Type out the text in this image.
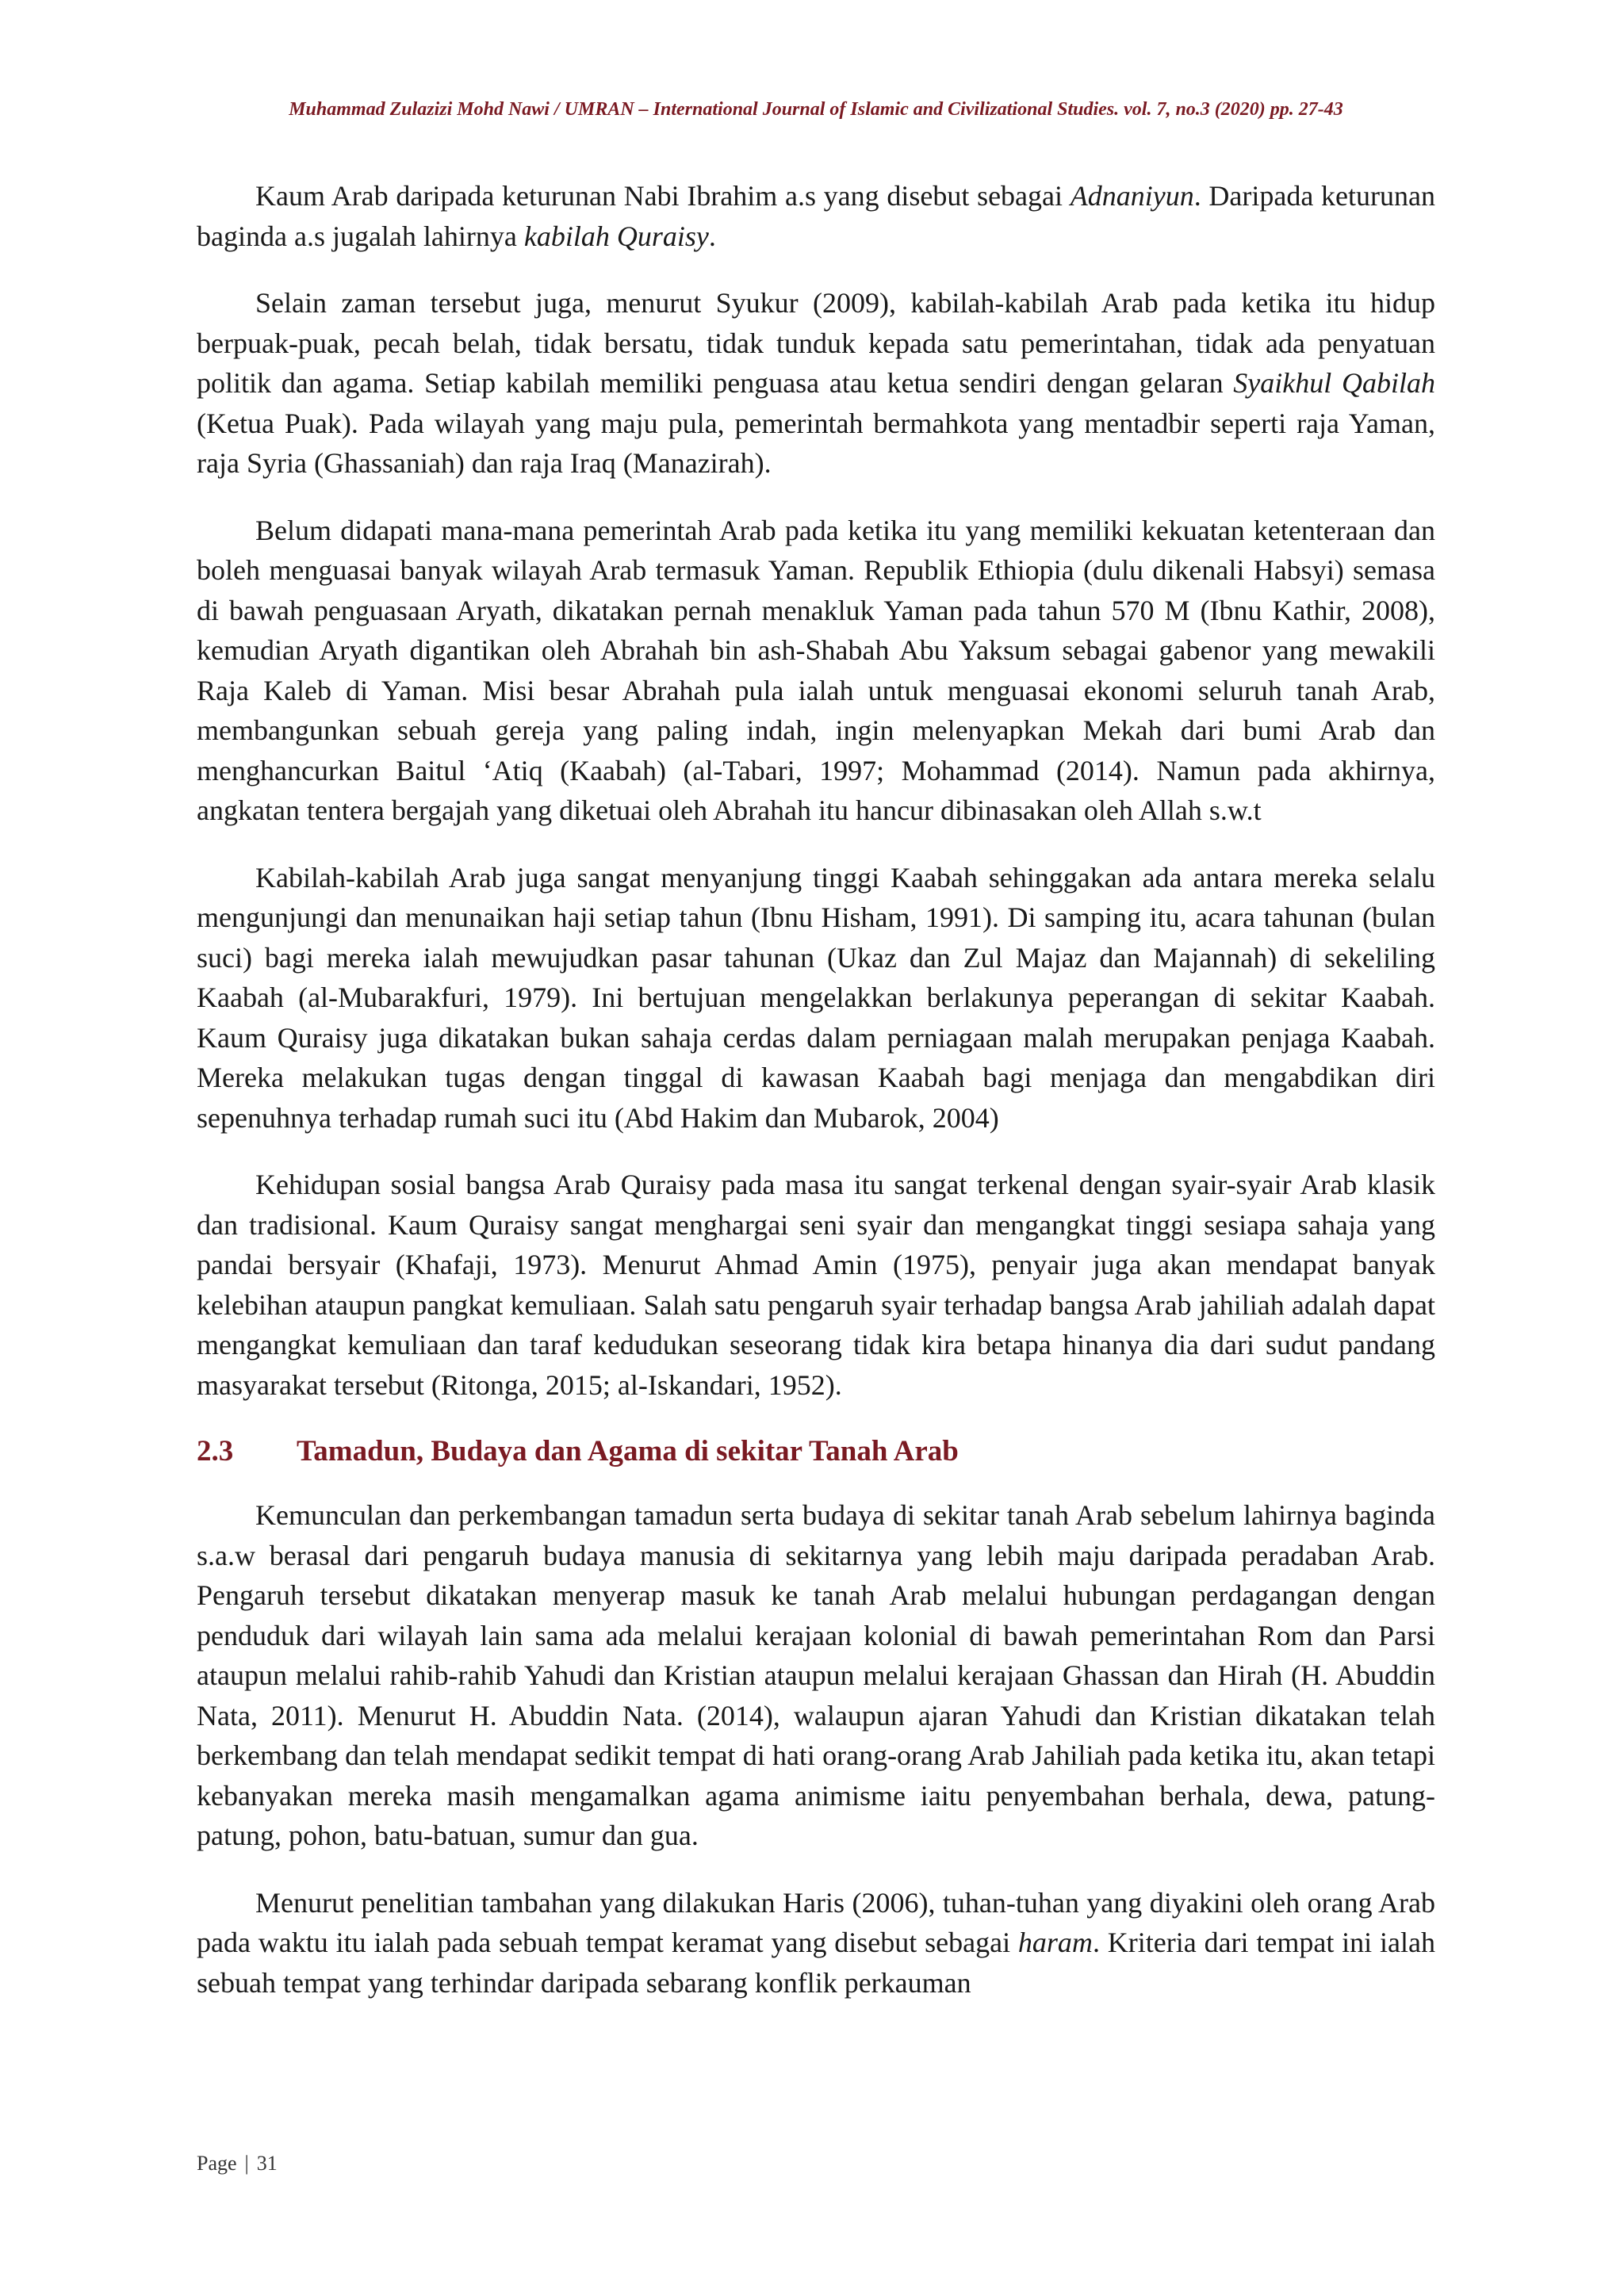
Muhammad Zulazizi Mohd Nawi / UMRAN – International Journal of Islamic and Civilizational Studies. vol. 7, no.3 (2020) pp. 27-43

Kaum Arab daripada keturunan Nabi Ibrahim a.s yang disebut sebagai Adnaniyun. Daripada keturunan baginda a.s jugalah lahirnya kabilah Quraisy.

Selain zaman tersebut juga, menurut Syukur (2009), kabilah-kabilah Arab pada ketika itu hidup berpuak-puak, pecah belah, tidak bersatu, tidak tunduk kepada satu pemerintahan, tidak ada penyatuan politik dan agama. Setiap kabilah memiliki penguasa atau ketua sendiri dengan gelaran Syaikhul Qabilah (Ketua Puak). Pada wilayah yang maju pula, pemerintah bermahkota yang mentadbir seperti raja Yaman, raja Syria (Ghassaniah) dan raja Iraq (Manazirah).

Belum didapati mana-mana pemerintah Arab pada ketika itu yang memiliki kekuatan ketenteraan dan boleh menguasai banyak wilayah Arab termasuk Yaman. Republik Ethiopia (dulu dikenali Habsyi) semasa di bawah penguasaan Aryath, dikatakan pernah menakluk Yaman pada tahun 570 M (Ibnu Kathir, 2008), kemudian Aryath digantikan oleh Abrahah bin ash-Shabah Abu Yaksum sebagai gabenor yang mewakili Raja Kaleb di Yaman. Misi besar Abrahah pula ialah untuk menguasai ekonomi seluruh tanah Arab, membangunkan sebuah gereja yang paling indah, ingin melenyapkan Mekah dari bumi Arab dan menghancurkan Baitul ‘Atiq (Kaabah) (al-Tabari, 1997; Mohammad (2014). Namun pada akhirnya, angkatan tentera bergajah yang diketuai oleh Abrahah itu hancur dibinasakan oleh Allah s.w.t

Kabilah-kabilah Arab juga sangat menyanjung tinggi Kaabah sehinggakan ada antara mereka selalu mengunjungi dan menunaikan haji setiap tahun (Ibnu Hisham, 1991). Di samping itu, acara tahunan (bulan suci) bagi mereka ialah mewujudkan pasar tahunan (Ukaz dan Zul Majaz dan Majannah) di sekeliling Kaabah (al-Mubarakfuri, 1979). Ini bertujuan mengelakkan berlakunya peperangan di sekitar Kaabah. Kaum Quraisy juga dikatakan bukan sahaja cerdas dalam perniagaan malah merupakan penjaga Kaabah. Mereka melakukan tugas dengan tinggal di kawasan Kaabah bagi menjaga dan mengabdikan diri sepenuhnya terhadap rumah suci itu (Abd Hakim dan Mubarok, 2004)

Kehidupan sosial bangsa Arab Quraisy pada masa itu sangat terkenal dengan syair-syair Arab klasik dan tradisional. Kaum Quraisy sangat menghargai seni syair dan mengangkat tinggi sesiapa sahaja yang pandai bersyair (Khafaji, 1973). Menurut Ahmad Amin (1975), penyair juga akan mendapat banyak kelebihan ataupun pangkat kemuliaan. Salah satu pengaruh syair terhadap bangsa Arab jahiliah adalah dapat mengangkat kemuliaan dan taraf kedudukan seseorang tidak kira betapa hinanya dia dari sudut pandang masyarakat tersebut (Ritonga, 2015; al-Iskandari, 1952).

2.3	Tamadun, Budaya dan Agama di sekitar Tanah Arab

Kemunculan dan perkembangan tamadun serta budaya di sekitar tanah Arab sebelum lahirnya baginda s.a.w berasal dari pengaruh budaya manusia di sekitarnya yang lebih maju daripada peradaban Arab. Pengaruh tersebut dikatakan menyerap masuk ke tanah Arab melalui hubungan perdagangan dengan penduduk dari wilayah lain sama ada melalui kerajaan kolonial di bawah pemerintahan Rom dan Parsi ataupun melalui rahib-rahib Yahudi dan Kristian ataupun melalui kerajaan Ghassan dan Hirah (H. Abuddin Nata, 2011). Menurut H. Abuddin Nata. (2014), walaupun ajaran Yahudi dan Kristian dikatakan telah berkembang dan telah mendapat sedikit tempat di hati orang-orang Arab Jahiliah pada ketika itu, akan tetapi kebanyakan mereka masih mengamalkan agama animisme iaitu penyembahan berhala, dewa, patung-patung, pohon, batu-batuan, sumur dan gua.

Menurut penelitian tambahan yang dilakukan Haris (2006), tuhan-tuhan yang diyakini oleh orang Arab pada waktu itu ialah pada sebuah tempat keramat yang disebut sebagai haram. Kriteria dari tempat ini ialah sebuah tempat yang terhindar daripada sebarang konflik perkauman

Page | 31
